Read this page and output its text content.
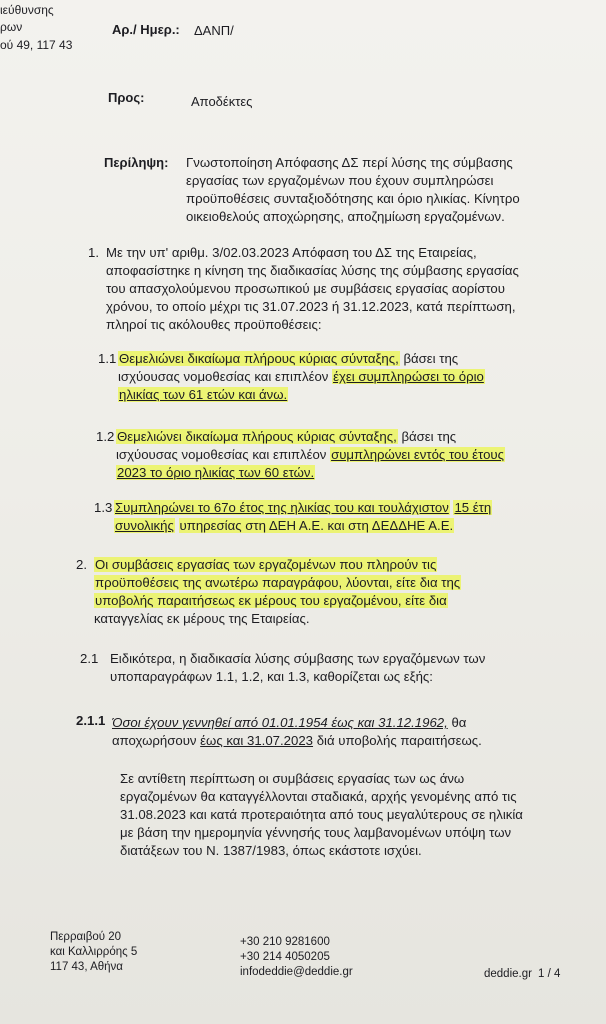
ιεύθυνσης
ρων
ού 49, 117 43
Αρ./ Ημερ.: ΔΑΝΠ/
Προς:	Αποδέκτες
Περίληψη: Γνωστοποίηση Απόφασης ΔΣ περί λύσης της σύμβασης
εργασίας των εργαζομένων που έχουν συμπληρώσει
προϋποθέσεις συνταξιοδότησης και όριο ηλικίας. Κίνητρο
οικειοθελούς αποχώρησης, αποζημίωση εργαζομένων.
1. Με την υπ' αριθμ. 3/02.03.2023 Απόφαση του ΔΣ της Εταιρείας,
αποφασίστηκε η κίνηση της διαδικασίας λύσης της σύμβασης εργασίας
του απασχολούμενου προσωπικού με συμβάσεις εργασίας αορίστου
χρόνου, το οποίο μέχρι τις 31.07.2023 ή 31.12.2023, κατά περίπτωση,
πληροί τις ακόλουθες προϋποθέσεις:
1.1 Θεμελιώνει δικαίωμα πλήρους κύριας σύνταξης, βάσει της
ισχύουσας νομοθεσίας και επιπλέον έχει συμπληρώσει το όριο
ηλικίας των 61 ετών και άνω.
1.2 Θεμελιώνει δικαίωμα πλήρους κύριας σύνταξης, βάσει της
ισχύουσας νομοθεσίας και επιπλέον συμπληρώνει εντός του έτους
2023 το όριο ηλικίας των 60 ετών.
1.3 Συμπληρώνει το 67ο έτος της ηλικίας του και τουλάχιστον 15 έτη
συνολικής υπηρεσίας στη ΔΕΗ Α.Ε. και στη ΔΕΔΔΗΕ Α.Ε.
2. Οι συμβάσεις εργασίας των εργαζομένων που πληρούν τις
προϋποθέσεις της ανωτέρω παραγράφου, λύονται, είτε δια της
υποβολής παραιτήσεως εκ μέρους του εργαζομένου, είτε δια
καταγγελίας εκ μέρους της Εταιρείας.
2.1 Ειδικότερα, η διαδικασία λύσης σύμβασης των εργαζόμενων των
υποπαραγράφων 1.1, 1.2, και 1.3, καθορίζεται ως εξής:
2.1.1 Όσοι έχουν γεννηθεί από 01.01.1954 έως και 31.12.1962, θα
αποχωρήσουν έως και 31.07.2023 διά υποβολής παραιτήσεως.
Σε αντίθετη περίπτωση οι συμβάσεις εργασίας των ως άνω
εργαζομένων θα καταγγέλλονται σταδιακά, αρχής γενομένης από τις
31.08.2023 και κατά προτεραιότητα από τους μεγαλύτερους σε ηλικία
με βάση την ημερομηνία γέννησής τους λαμβανομένων υπόψη των
διατάξεων του Ν. 1387/1983, όπως εκάστοτε ισχύει.
Περραιβού 20
και Καλλιρρόης 5
117 43, Αθήνα
+30 210 9281600
+30 214 4050205
infodeddie@deddie.gr	deddie.gr 1 / 4
